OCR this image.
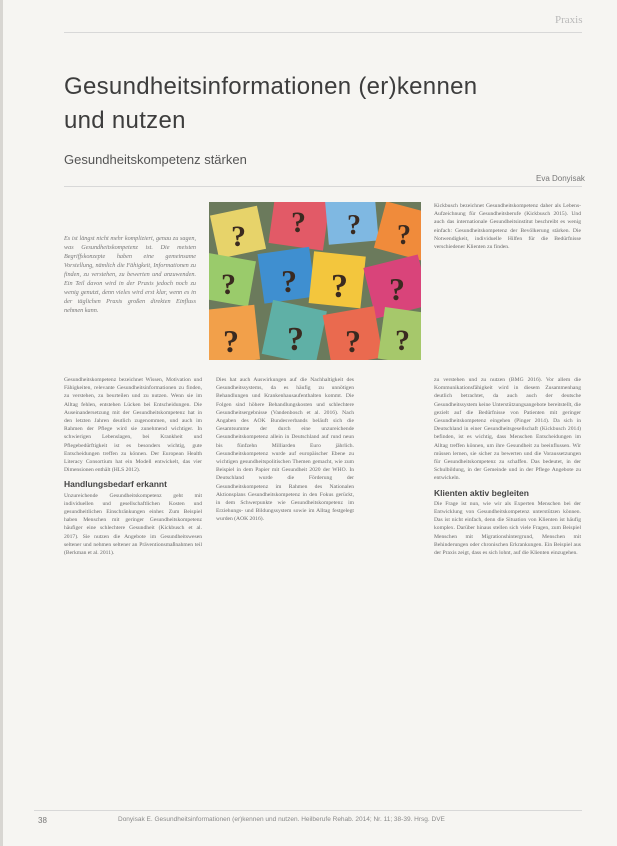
Praxis
Gesundheitsinformationen (er)kennen
und nutzen
Gesundheitskompetenz stärken
Eva Donyisak
Es ist längst nicht mehr kompliziert, genau zu sagen, was Gesundheitskompetenz ist. Die meisten Begriffskonzepte haben eine gemeinsame Vorstellung, nämlich die Fähigkeit, Informationen zu finden, zu verstehen, zu bewerten und anzuwenden. Ein Teil davon wird in der Praxis jedoch noch zu wenig genutzt, denn vieles wird erst klar, wenn es in der täglichen Praxis großen direkten Einfluss nehmen kann.
? ? ? ?
? ? ? ?
? ? ? ?
Kickbusch bezeichnet Gesundheitskompetenz daher als Lebens-Aufzeichnung für Gesundheitsberufe (Kickbusch 2015). Und auch das internationale Gesundheitsinstitut beschreibt es wenig einfach: Gesundheitskompetenz der Bevölkerung stärken. Die Notwendigkeit, individuelle Hilfen für die Bedürfnisse verschiedener Klienten zu finden.

Gesundheitskompetenz bezeichnet Wissen, Motivation und Fähigkeiten, relevante Gesundheitsinformationen zu finden, zu verstehen, zu beurteilen und zu nutzen. Wenn sie im Alltag fehlen, entstehen Lücken bei Entscheidungen. Die Auseinandersetzung mit der Gesundheitskompetenz hat in den letzten Jahren deutlich zugenommen, und auch im Rahmen der Pflege wird sie zunehmend wichtiger. In schwierigen Lebenslagen, bei Krankheit und Pflegebedürftigkeit ist es besonders wichtig, gute Entscheidungen treffen zu können. Der European Health Literacy Consortium hat ein Modell entwickelt, das vier Dimensionen enthält (HLS 2012).

Handlungsbedarf erkannt

Unzureichende Gesundheitskompetenz geht mit individuellen und gesellschaftlichen Kosten und gesundheitlichen Einschränkungen einher. Zum Beispiel haben Menschen mit geringer Gesundheitskompetenz häufiger eine schlechtere Gesundheit (Kickbusch et al. 2017). Sie nutzen die Angebote im Gesundheitswesen seltener und nehmen seltener an Präventionsmaßnahmen teil (Berkman et al. 2011).

Dies hat auch Auswirkungen auf die Nachhaltigkeit des Gesundheitssystems, da es häufig zu unnötigen Behandlungen und Krankenhausaufenthalten kommt. Die Folgen sind höhere Behandlungskosten und schlechtere Gesundheitsergebnisse (Vandenbosch et al. 2016). Nach Angaben des AOK Bundesverbands beläuft sich die Gesamtsumme der durch eine unzureichende Gesundheitskompetenz allein in Deutschland auf rund neun bis fünfzehn Milliarden Euro jährlich. Gesundheitskompetenz wurde auf europäischer Ebene zu wichtigen gesundheitspolitischen Themen gemacht, wie zum Beispiel in dem Papier mit Gesundheit 2020 der WHO. In Deutschland wurde die Förderung der Gesundheitskompetenz im Rahmen des Nationalen Aktionsplans Gesundheitskompetenz in den Fokus gerückt, in dem Schwerpunkte wie Gesundheitskompetenz im Erziehungs- und Bildungssystem sowie im Alltag festgelegt wurden (AOK 2016).

zu verstehen und zu nutzen (BMG 2016). Vor allem die Kommunikationsfähigkeit wird in diesem Zusammenhang deutlich betrachtet, da auch auch der deutsche Gesundheitssystem keine Unterstützungsangebote bereitstellt, die gezielt auf die Bedürfnisse von Patienten mit geringer Gesundheitskompetenz eingehen (Pinger 2014). Da sich in Deutschland in einer Gesundheitsgesellschaft (Kickbusch 2014) befinden, ist es wichtig, dass Menschen Entscheidungen im Alltag treffen können, um ihre Gesundheit zu beeinflussen. Wir müssen lernen, sie sicher zu bewerten und die Voraussetzungen für Gesundheitskompetenz zu schaffen. Das bedeutet, in der Schulbildung, in der Gemeinde und in der Pflege Angebote zu entwickeln.

Klienten aktiv begleiten

Die Frage ist nun, wie wir als Experten Menschen bei der Entwicklung von Gesundheitskompetenz unterstützen können. Das ist nicht einfach, denn die Situation von Klienten ist häufig komplex. Darüber hinaus stellen sich viele Fragen, zum Beispiel Menschen mit Migrationshintergrund, Menschen mit Behinderungen oder chronischen Erkrankungen. Ein Beispiel aus der Praxis zeigt, dass es sich lohnt, auf die Klienten einzugehen.

38	Donyisak E. Gesundheitsinformationen (er)kennen und nutzen. Heilberufe Rehab. 2014; Nr. 11; 38-39. Hrsg. DVE
